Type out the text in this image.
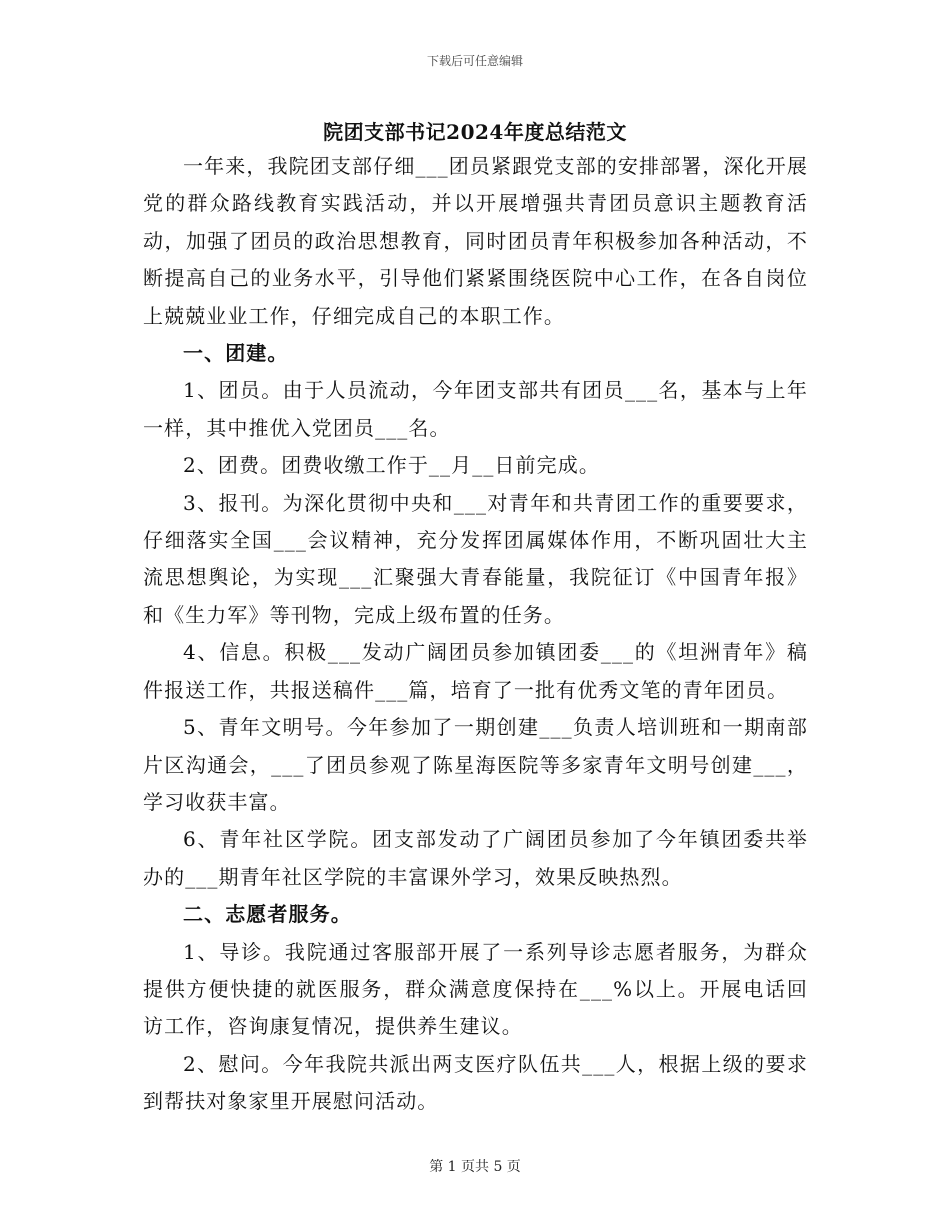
下载后可任意编辑
院团支部书记2024年度总结范文

一年来，我院团支部仔细___团员紧跟党支部的安排部署，深化开展党的群众路线教育实践活动，并以开展增强共青团员意识主题教育活动，加强了团员的政治思想教育，同时团员青年积极参加各种活动，不断提高自己的业务水平，引导他们紧紧围绕医院中心工作，在各自岗位上兢兢业业工作，仔细完成自己的本职工作。

一、团建。

1、团员。由于人员流动，今年团支部共有团员___名，基本与上年一样，其中推优入党团员___名。

2、团费。团费收缴工作于__月__日前完成。

3、报刊。为深化贯彻中央和___对青年和共青团工作的重要要求，仔细落实全国___会议精神，充分发挥团属媒体作用，不断巩固壮大主流思想舆论，为实现___汇聚强大青春能量，我院征订《中国青年报》和《生力军》等刊物，完成上级布置的任务。

4、信息。积极___发动广阔团员参加镇团委___的《坦洲青年》稿件报送工作，共报送稿件___篇，培育了一批有优秀文笔的青年团员。

5、青年文明号。今年参加了一期创建___负责人培训班和一期南部片区沟通会，___了团员参观了陈星海医院等多家青年文明号创建___，学习收获丰富。

6、青年社区学院。团支部发动了广阔团员参加了今年镇团委共举办的___期青年社区学院的丰富课外学习，效果反映热烈。

二、志愿者服务。

1、导诊。我院通过客服部开展了一系列导诊志愿者服务，为群众提供方便快捷的就医服务，群众满意度保持在___%以上。开展电话回访工作，咨询康复情况，提供养生建议。

2、慰问。今年我院共派出两支医疗队伍共___人，根据上级的要求到帮扶对象家里开展慰问活动。

第 1 页共 5 页
